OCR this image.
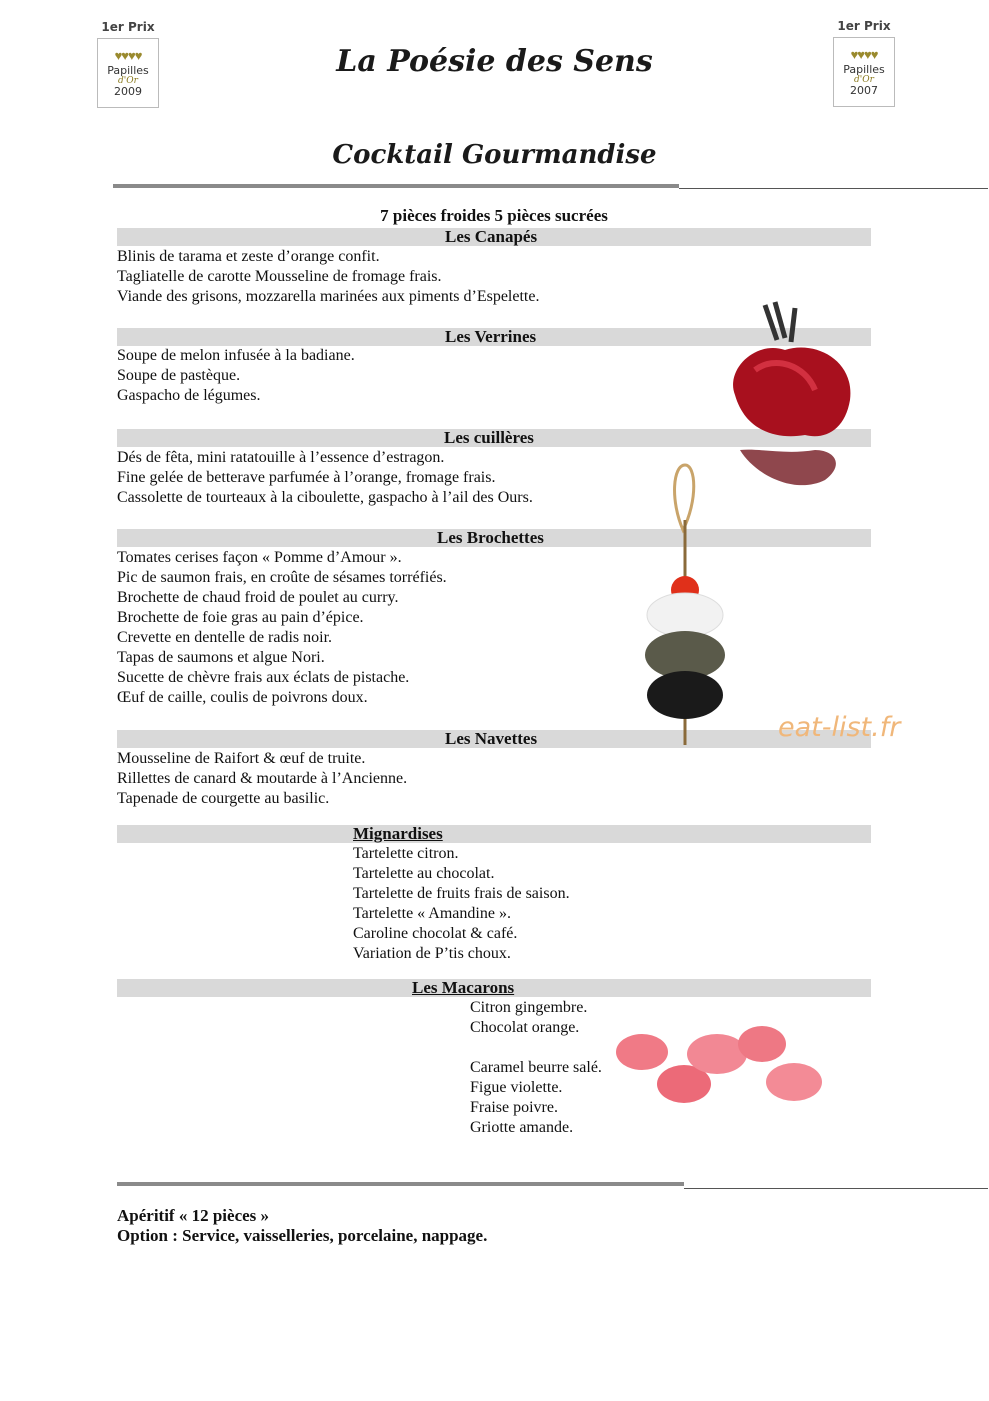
1er Prix
♥♥♥♥
Papilles
d'Or
2009
1er Prix
♥♥♥♥
Papilles
d'Or
2007
La Poésie des Sens
Cocktail Gourmandise
7 pièces froides 5 pièces sucrées
Les Canapés
Blinis de tarama et zeste d’orange confit.
Tagliatelle de carotte Mousseline de fromage frais.
Viande des grisons, mozzarella marinées aux piments d’Espelette.
Les Verrines
Soupe de melon infusée à la badiane.
Soupe de pastèque.
Gaspacho de légumes.
Les cuillères
Dés de fêta, mini ratatouille à l’essence d’estragon.
Fine gelée de betterave parfumée à l’orange, fromage frais.
Cassolette de tourteaux à la ciboulette, gaspacho à l’ail des Ours.
Les Brochettes
Tomates cerises façon « Pomme d’Amour ».
Pic de saumon frais, en croûte de sésames torréfiés.
Brochette de chaud froid de poulet au curry.
Brochette de foie gras au pain d’épice.
Crevette en dentelle de radis noir.
Tapas de saumons et algue Nori.
Sucette de chèvre frais aux éclats de pistache.
Œuf de caille, coulis de poivrons doux.
Les Navettes
Mousseline de Raifort & œuf de truite.
Rillettes de canard & moutarde à l’Ancienne.
Tapenade de courgette au basilic.
Mignardises
Tartelette citron.
Tartelette au chocolat.
Tartelette de fruits frais de saison.
Tartelette « Amandine ».
Caroline chocolat & café.
Variation de P’tis choux.
Les Macarons
Citron gingembre.
Chocolat orange.
Caramel beurre salé.
Figue violette.
Fraise poivre.
Griotte amande.
eat-list.fr
Apéritif « 12 pièces »
Option : Service, vaisselleries, porcelaine, nappage.
